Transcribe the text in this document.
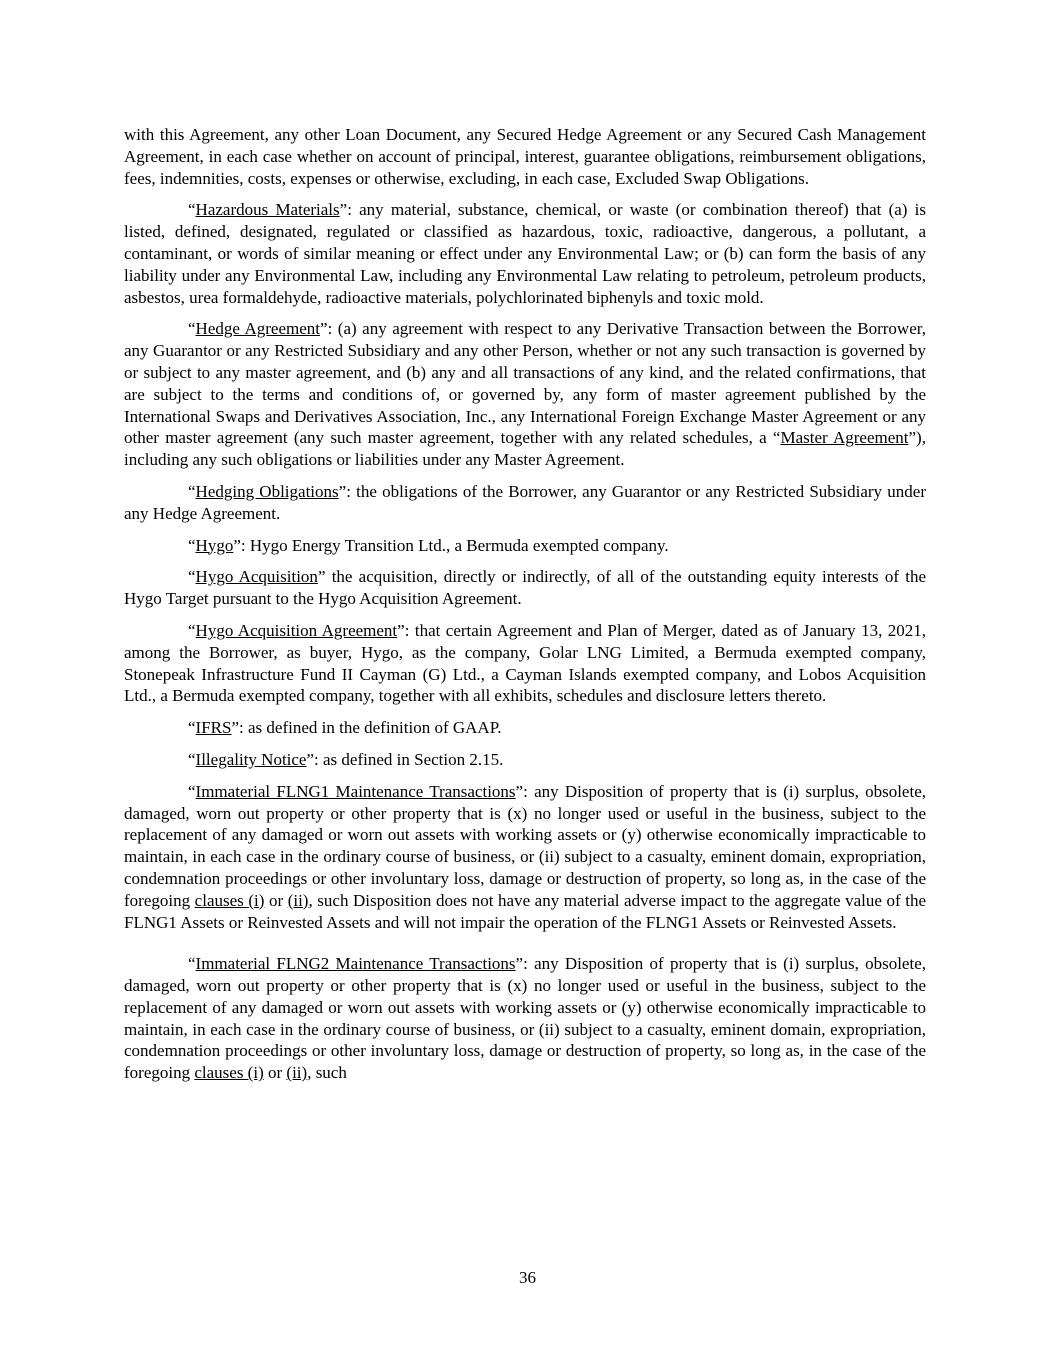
with this Agreement, any other Loan Document, any Secured Hedge Agreement or any Secured Cash Management Agreement, in each case whether on account of principal, interest, guarantee obligations, reimbursement obligations, fees, indemnities, costs, expenses or otherwise, excluding, in each case, Excluded Swap Obligations.

“Hazardous Materials”: any material, substance, chemical, or waste (or combination thereof) that (a) is listed, defined, designated, regulated or classified as hazardous, toxic, radioactive, dangerous, a pollutant, a contaminant, or words of similar meaning or effect under any Environmental Law; or (b) can form the basis of any liability under any Environmental Law, including any Environmental Law relating to petroleum, petroleum products, asbestos, urea formaldehyde, radioactive materials, polychlorinated biphenyls and toxic mold.

“Hedge Agreement”: (a) any agreement with respect to any Derivative Transaction between the Borrower, any Guarantor or any Restricted Subsidiary and any other Person, whether or not any such transaction is governed by or subject to any master agreement, and (b) any and all transactions of any kind, and the related confirmations, that are subject to the terms and conditions of, or governed by, any form of master agreement published by the International Swaps and Derivatives Association, Inc., any International Foreign Exchange Master Agreement or any other master agreement (any such master agreement, together with any related schedules, a “Master Agreement”), including any such obligations or liabilities under any Master Agreement.

“Hedging Obligations”: the obligations of the Borrower, any Guarantor or any Restricted Subsidiary under any Hedge Agreement.

“Hygo”: Hygo Energy Transition Ltd., a Bermuda exempted company.

“Hygo Acquisition” the acquisition, directly or indirectly, of all of the outstanding equity interests of the Hygo Target pursuant to the Hygo Acquisition Agreement.

“Hygo Acquisition Agreement”: that certain Agreement and Plan of Merger, dated as of January 13, 2021, among the Borrower, as buyer, Hygo, as the company, Golar LNG Limited, a Bermuda exempted company, Stonepeak Infrastructure Fund II Cayman (G) Ltd., a Cayman Islands exempted company, and Lobos Acquisition Ltd., a Bermuda exempted company, together with all exhibits, schedules and disclosure letters thereto.

“IFRS”: as defined in the definition of GAAP.

“Illegality Notice”: as defined in Section 2.15.

“Immaterial FLNG1 Maintenance Transactions”: any Disposition of property that is (i) surplus, obsolete, damaged, worn out property or other property that is (x) no longer used or useful in the business, subject to the replacement of any damaged or worn out assets with working assets or (y) otherwise economically impracticable to maintain, in each case in the ordinary course of business, or (ii) subject to a casualty, eminent domain, expropriation, condemnation proceedings or other involuntary loss, damage or destruction of property, so long as, in the case of the foregoing clauses (i) or (ii), such Disposition does not have any material adverse impact to the aggregate value of the FLNG1 Assets or Reinvested Assets and will not impair the operation of the FLNG1 Assets or Reinvested Assets.

“Immaterial FLNG2 Maintenance Transactions”: any Disposition of property that is (i) surplus, obsolete, damaged, worn out property or other property that is (x) no longer used or useful in the business, subject to the replacement of any damaged or worn out assets with working assets or (y) otherwise economically impracticable to maintain, in each case in the ordinary course of business, or (ii) subject to a casualty, eminent domain, expropriation, condemnation proceedings or other involuntary loss, damage or destruction of property, so long as, in the case of the foregoing clauses (i) or (ii), such

36
